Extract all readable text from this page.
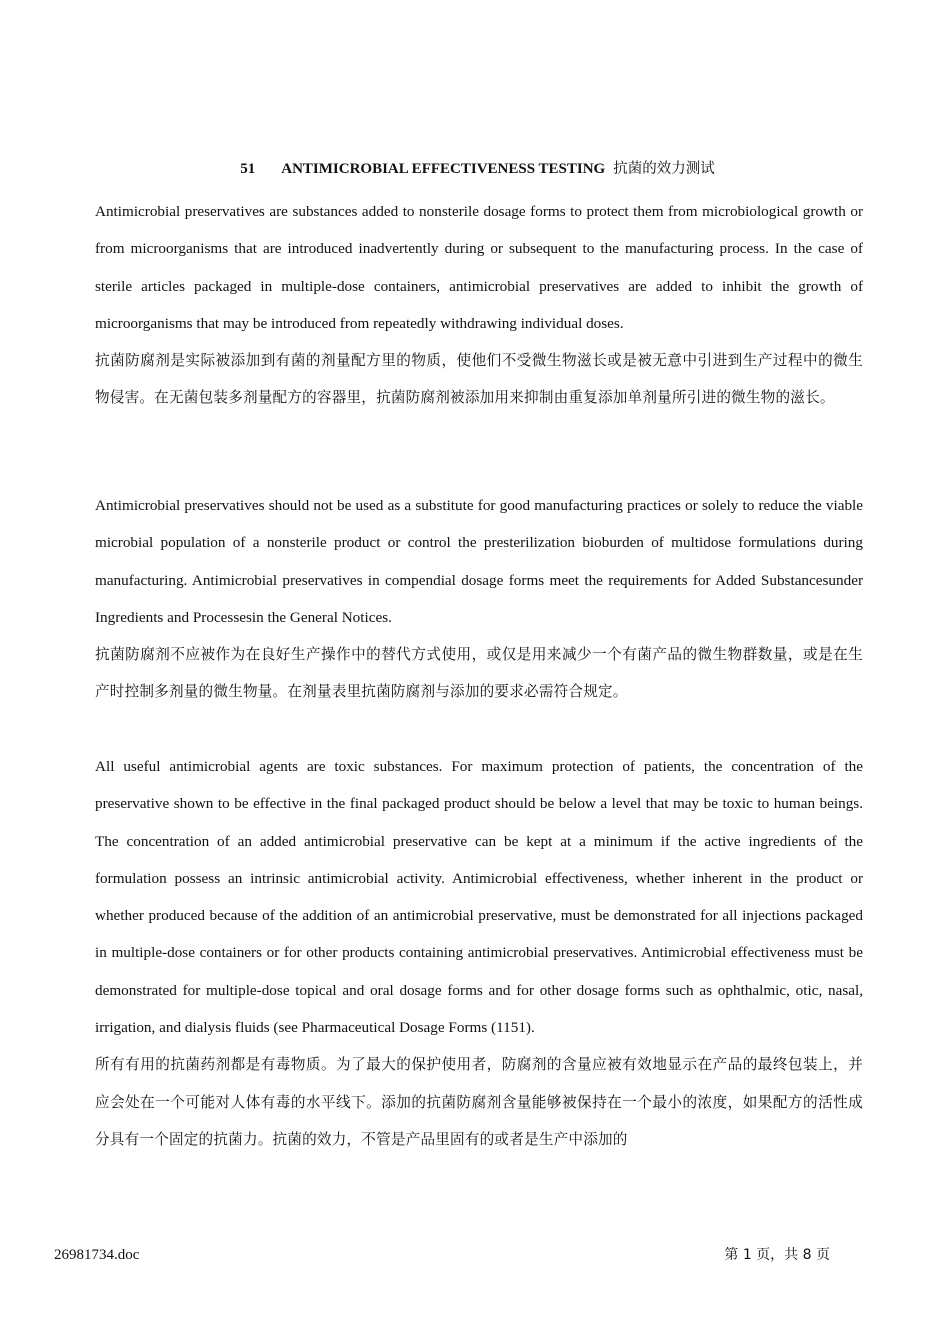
51 ANTIMICROBIAL EFFECTIVENESS TESTING 抗菌的效力测试

Antimicrobial preservatives are substances added to nonsterile dosage forms to protect them from microbiological growth or from microorganisms that are introduced inadvertently during or subsequent to the manufacturing process. In the case of sterile articles packaged in multiple-dose containers, antimicrobial preservatives are added to inhibit the growth of microorganisms that may be introduced from repeatedly withdrawing individual doses.

抗菌防腐剂是实际被添加到有菌的剂量配方里的物质，使他们不受微生物滋长或是被无意中引进到生产过程中的微生物侵害。在无菌包装多剂量配方的容器里，抗菌防腐剂被添加用来抑制由重复添加单剂量所引进的微生物的滋长。

Antimicrobial preservatives should not be used as a substitute for good manufacturing practices or solely to reduce the viable microbial population of a nonsterile product or control the presterilization bioburden of multidose formulations during manufacturing. Antimicrobial preservatives in compendial dosage forms meet the requirements for Added Substancesunder Ingredients and Processesin the General Notices.

抗菌防腐剂不应被作为在良好生产操作中的替代方式使用，或仅是用来减少一个有菌产品的微生物群数量，或是在生产时控制多剂量的微生物量。在剂量表里抗菌防腐剂与添加的要求必需符合规定。

All useful antimicrobial agents are toxic substances. For maximum protection of patients, the concentration of the preservative shown to be effective in the final packaged product should be below a level that may be toxic to human beings. The concentration of an added antimicrobial preservative can be kept at a minimum if the active ingredients of the formulation possess an intrinsic antimicrobial activity. Antimicrobial effectiveness, whether inherent in the product or whether produced because of the addition of an antimicrobial preservative, must be demonstrated for all injections packaged in multiple-dose containers or for other products containing antimicrobial preservatives. Antimicrobial effectiveness must be demonstrated for multiple-dose topical and oral dosage forms and for other dosage forms such as ophthalmic, otic, nasal, irrigation, and dialysis fluids (see Pharmaceutical Dosage Forms (1151).

所有有用的抗菌药剂都是有毒物质。为了最大的保护使用者，防腐剂的含量应被有效地显示在产品的最终包装上，并应会处在一个可能对人体有毒的水平线下。添加的抗菌防腐剂含量能够被保持在一个最小的浓度，如果配方的活性成分具有一个固定的抗菌力。抗菌的效力，不管是产品里固有的或者是生产中添加的

26981734.doc	第 1 页，共 8 页
